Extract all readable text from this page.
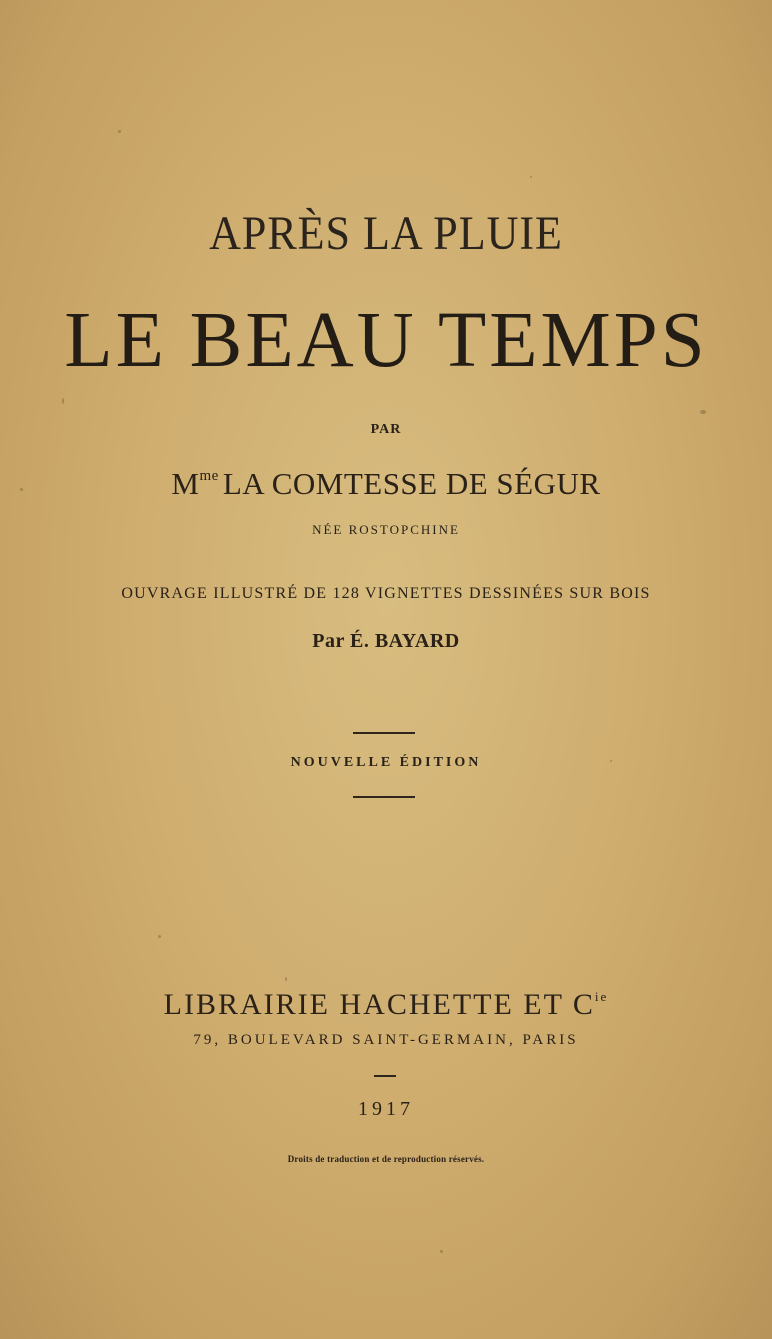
APRÈS LA PLUIE
LE BEAU TEMPS
PAR
$M^{me}$ LA COMTESSE DE SÉGUR
NÉE ROSTOPCHINE
OUVRAGE ILLUSTRÉ DE 128 VIGNETTES DESSINÉES SUR BOIS
Par É. BAYARD
NOUVELLE ÉDITION
LIBRAIRIE HACHETTE ET $C^{ie}$
79, BOULEVARD SAINT-GERMAIN, PARIS
1917
Droits de traduction et de reproduction réservés.
